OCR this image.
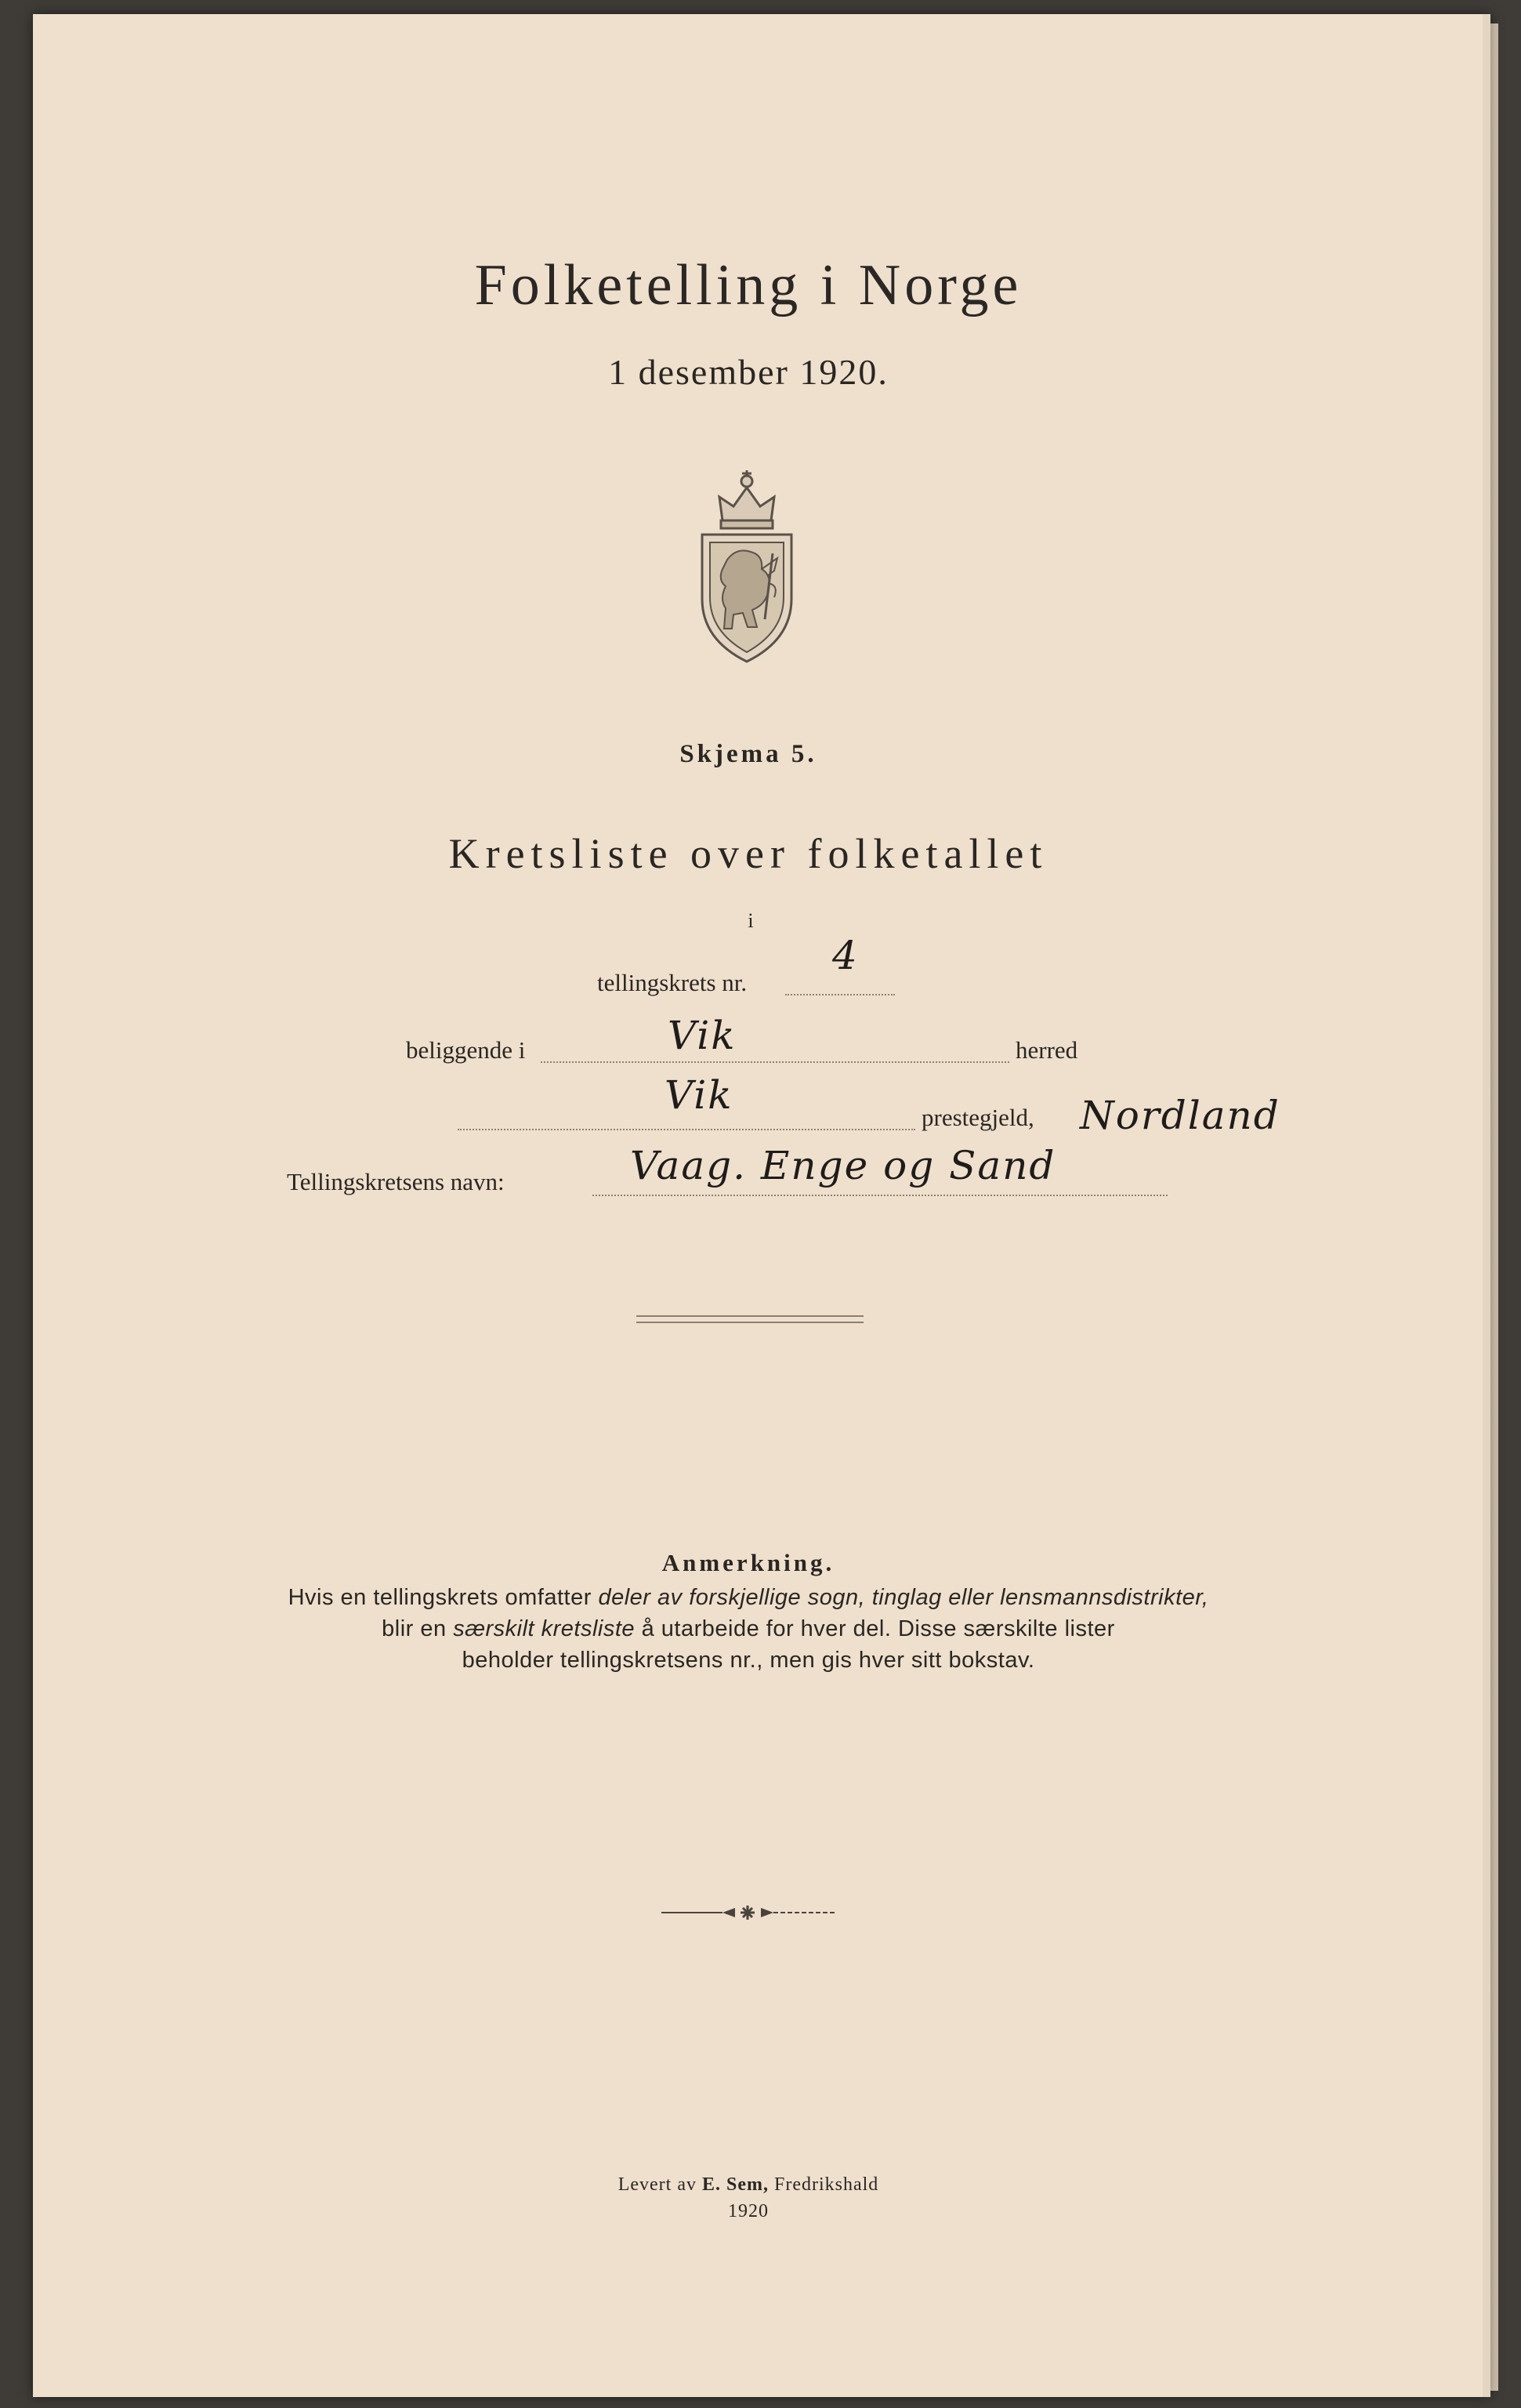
Folketelling i Norge
1 desember 1920.
Skjema 5.
Kretsliste over folketallet
i
tellingskrets nr.
4
beliggende i	Vik	herred
Vik	prestegjeld, Nordland
Tellingskretsens navn:	Vaag. Enge og Sand
Anmerkning.
Hvis en tellingskrets omfatter deler av forskjellige sogn, tinglag eller lensmannsdistrikter,
blir en særskilt kretsliste å utarbeide for hver del. Disse særskilte lister
beholder tellingskretsens nr., men gis hver sitt bokstav.
Levert av E. Sem, Fredrikshald
1920
